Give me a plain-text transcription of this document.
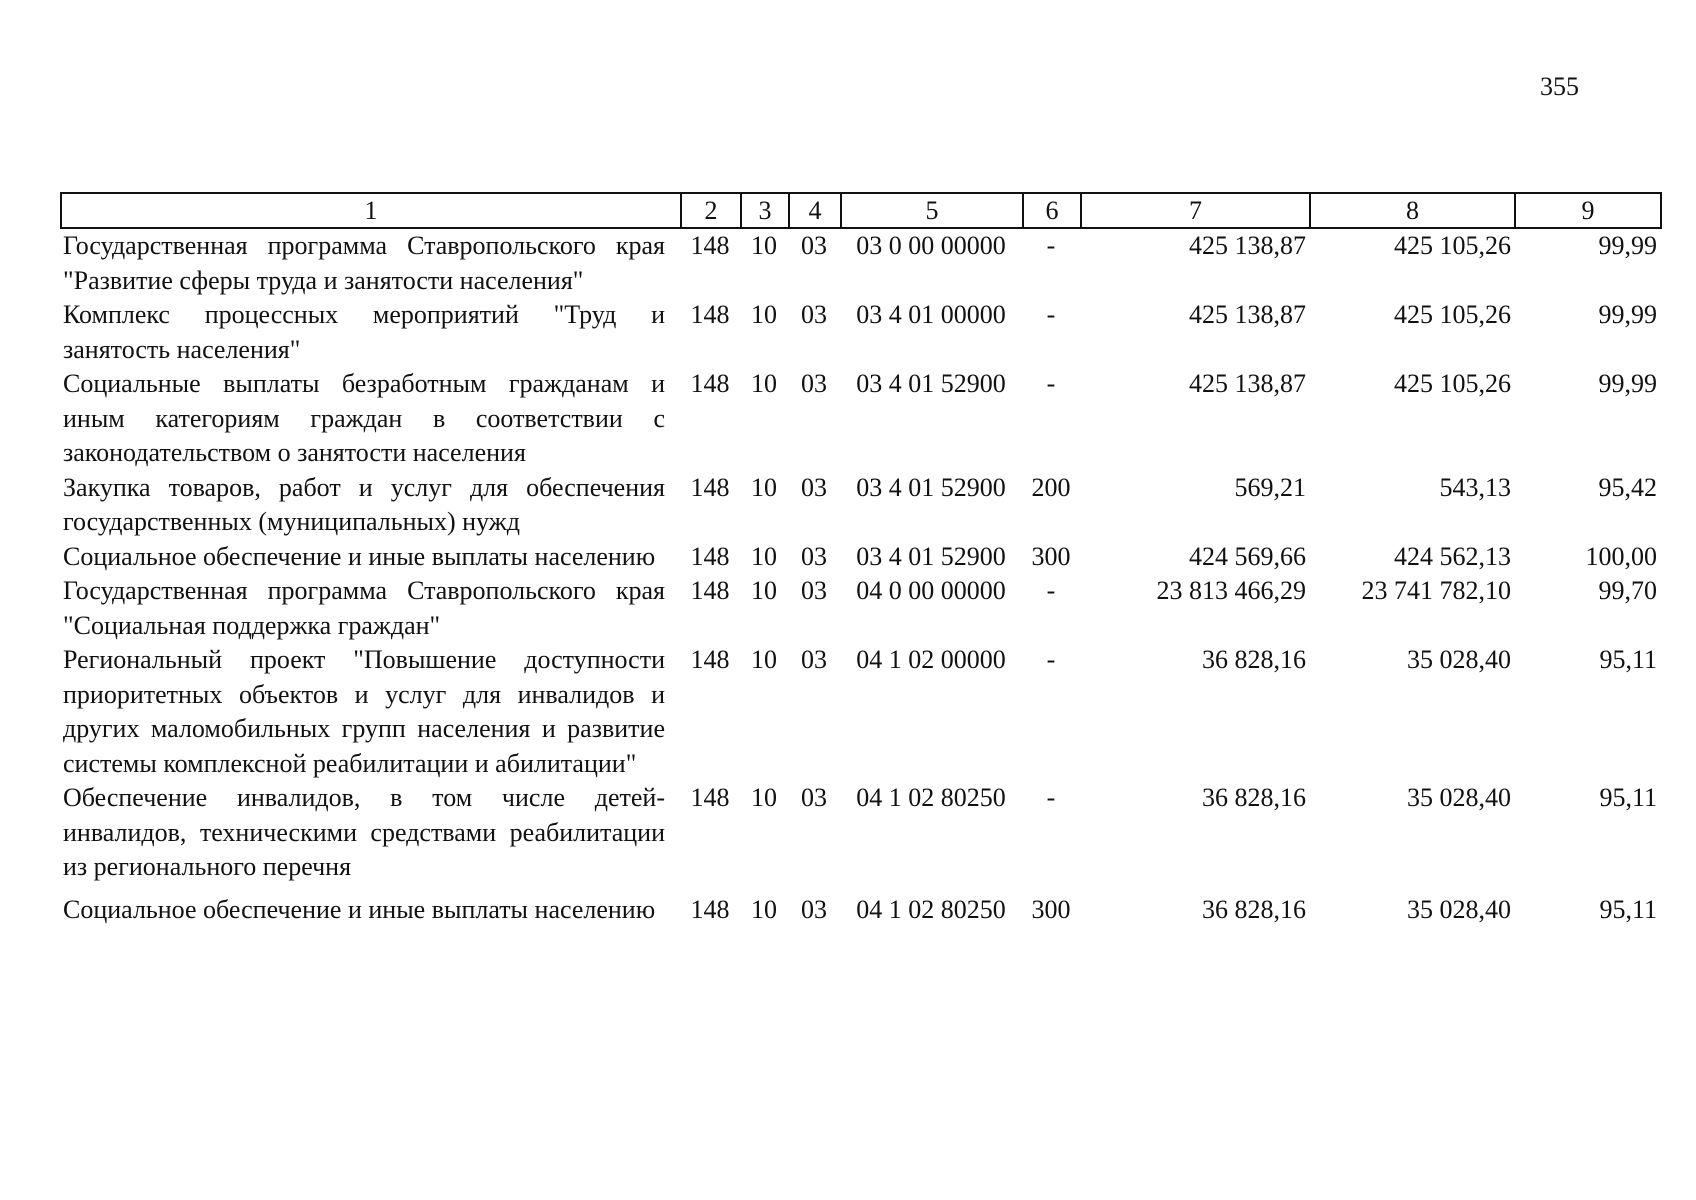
355
1	2	3	4	5	6	7	8	9
Государственная программа Ставропольского края "Развитие сферы труда и занятости населения"	148	10	03	03 0 00 00000	-	425 138,87	425 105,26	99,99
Комплекс процессных мероприятий "Труд и занятость населения"	148	10	03	03 4 01 00000	-	425 138,87	425 105,26	99,99
Социальные выплаты безработным гражданам и иным категориям граждан в соответствии с законодательством о занятости населения	148	10	03	03 4 01 52900	-	425 138,87	425 105,26	99,99
Закупка товаров, работ и услуг для обеспечения государственных (муниципальных) нужд	148	10	03	03 4 01 52900	200	569,21	543,13	95,42
Социальное обеспечение и иные выплаты населению	148	10	03	03 4 01 52900	300	424 569,66	424 562,13	100,00
Государственная программа Ставропольского края "Социальная поддержка граждан"	148	10	03	04 0 00 00000	-	23 813 466,29	23 741 782,10	99,70
Региональный проект "Повышение доступности приоритетных объектов и услуг для инвалидов и других маломобильных групп населения и развитие системы комплексной реабилитации и абилитации"	148	10	03	04 1 02 00000	-	36 828,16	35 028,40	95,11
Обеспечение инвалидов, в том числе детей-инвалидов, техническими средствами реабилитации из регионального перечня	148	10	03	04 1 02 80250	-	36 828,16	35 028,40	95,11
Социальное обеспечение и иные выплаты населению	148	10	03	04 1 02 80250	300	36 828,16	35 028,40	95,11
